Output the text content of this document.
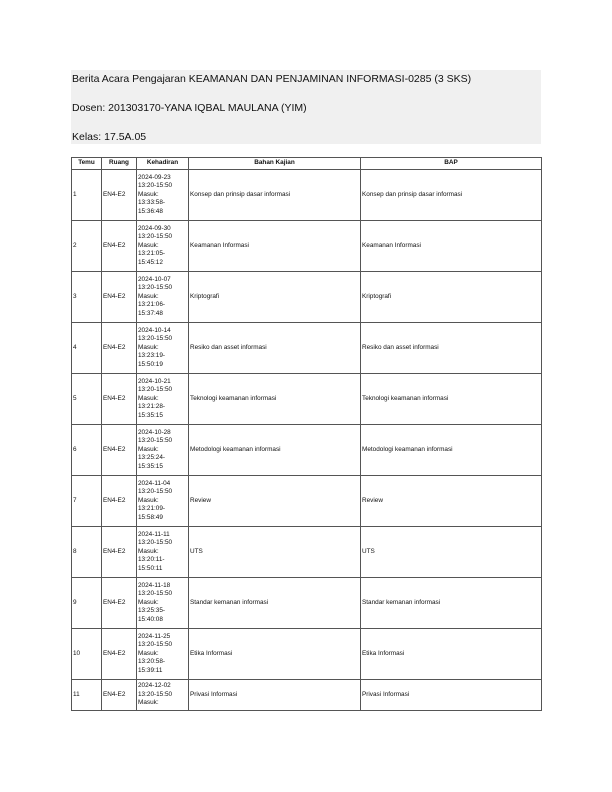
Berita Acara Pengajaran KEAMANAN DAN PENJAMINAN INFORMASI-0285 (3 SKS)
Dosen: 201303170-YANA IQBAL MAULANA (YIM)
Kelas: 17.5A.05
Temu	Ruang	Kehadiran	Bahan Kajian	BAP
1	EN4-E2	2024-09-23
13:20-15:50
Masuk:
13:33:58-
15:36:48	Konsep dan prinsip dasar informasi	Konsep dan prinsip dasar informasi
2	EN4-E2	2024-09-30
13:20-15:50
Masuk:
13:21:05-
15:45:12	Keamanan Informasi	Keamanan Informasi
3	EN4-E2	2024-10-07
13:20-15:50
Masuk:
13:21:06-
15:37:48	Kriptografi	Kriptografi
4	EN4-E2	2024-10-14
13:20-15:50
Masuk:
13:23:19-
15:50:19	Resiko dan asset informasi	Resiko dan asset informasi
5	EN4-E2	2024-10-21
13:20-15:50
Masuk:
13:21:28-
15:35:15	Teknologi keamanan informasi	Teknologi keamanan informasi
6	EN4-E2	2024-10-28
13:20-15:50
Masuk:
13:25:24-
15:35:15	Metodologi keamanan informasi	Metodologi keamanan informasi
7	EN4-E2	2024-11-04
13:20-15:50
Masuk:
13:21:09-
15:58:49	Review	Review
8	EN4-E2	2024-11-11
13:20-15:50
Masuk:
13:20:11-
15:50:11	UTS	UTS
9	EN4-E2	2024-11-18
13:20-15:50
Masuk:
13:25:35-
15:40:08	Standar kemanan informasi	Standar kemanan informasi
10	EN4-E2	2024-11-25
13:20-15:50
Masuk:
13:20:58-
15:39:11	Etika Informasi	Etika Informasi
11	EN4-E2	2024-12-02
13:20-15:50
Masuk:	Privasi Informasi	Privasi Informasi
